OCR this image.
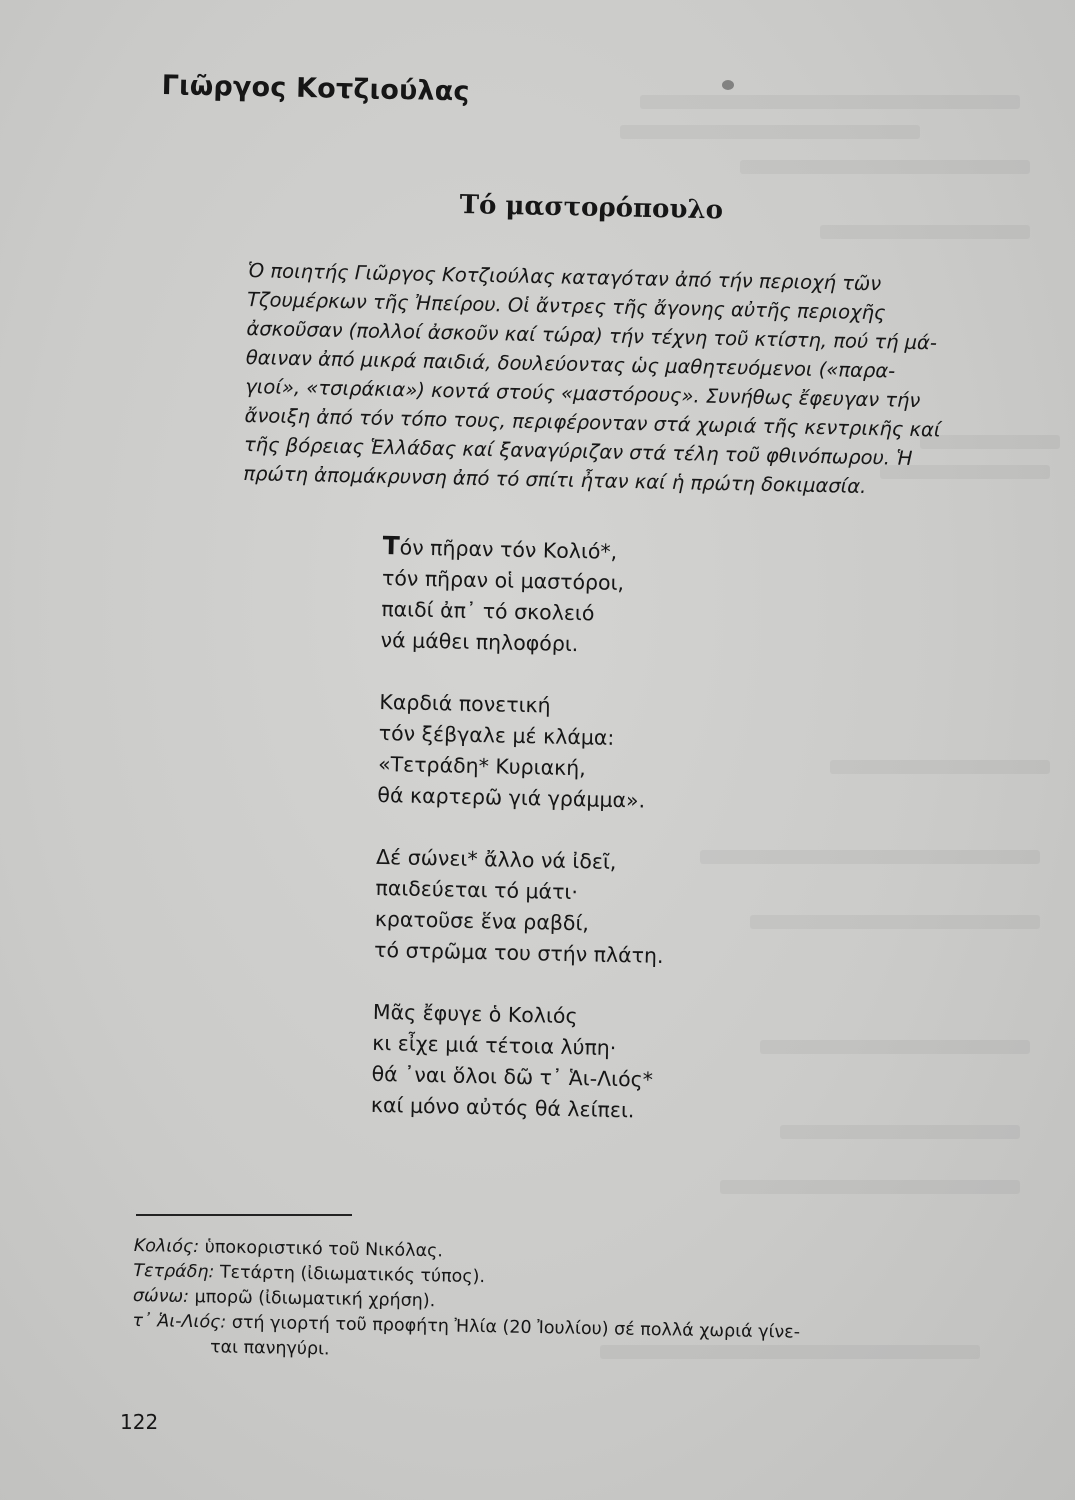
Γιῶργος Κοτζιούλας
Τό μαστορόπουλο
Ὁ ποιητής Γιῶργος Κοτζιούλας καταγόταν ἀπό τήν περιοχή τῶν
Τζουμέρκων τῆς Ἠπείρου. Οἱ ἄντρες τῆς ἄγονης αὐτῆς περιοχῆς
ἀσκοῦσαν (πολλοί ἀσκοῦν καί τώρα) τήν τέχνη τοῦ κτίστη, πού τή μά-
θαιναν ἀπό μικρά παιδιά, δουλεύοντας ὡς μαθητευόμενοι («παρα-
γιοί», «τσιράκια») κοντά στούς «μαστόρους». Συνήθως ἔφευγαν τήν
ἄνοιξη ἀπό τόν τόπο τους, περιφέρονταν στά χωριά τῆς κεντρικῆς καί
τῆς βόρειας Ἑλλάδας καί ξαναγύριζαν στά τέλη τοῦ φθινόπωρου. Ἡ
πρώτη ἀπομάκρυνση ἀπό τό σπίτι ἦταν καί ἡ πρώτη δοκιμασία.
Τόν πῆραν τόν Κολιό*,
τόν πῆραν οἱ μαστόροι,
παιδί ἀπ᾿ τό σκολειό
νά μάθει πηλοφόρι.
Καρδιά πονετική
τόν ξέβγαλε μέ κλάμα:
«Τετράδη* Κυριακή,
θά καρτερῶ γιά γράμμα».
Δέ σώνει* ἄλλο νά ἰδεῖ,
παιδεύεται τό μάτι·
κρατοῦσε ἕνα ραβδί,
τό στρῶμα του στήν πλάτη.
Μᾶς ἔφυγε ὁ Κολιός
κι εἶχε μιά τέτοια λύπη·
θά ᾿ναι ὅλοι δῶ τ᾿ Ἁι-Λιός*
καί μόνο αὐτός θά λείπει.
Κολιός: ὑποκοριστικό τοῦ Νικόλας.
Τετράδη: Τετάρτη (ἰδιωματικός τύπος).
σώνω: μπορῶ (ἰδιωματική χρήση).
τ᾿ Ἁι-Λιός: στή γιορτή τοῦ προφήτη Ἠλία (20 Ἰουλίου) σέ πολλά χωριά γίνε-
ται πανηγύρι.
122
